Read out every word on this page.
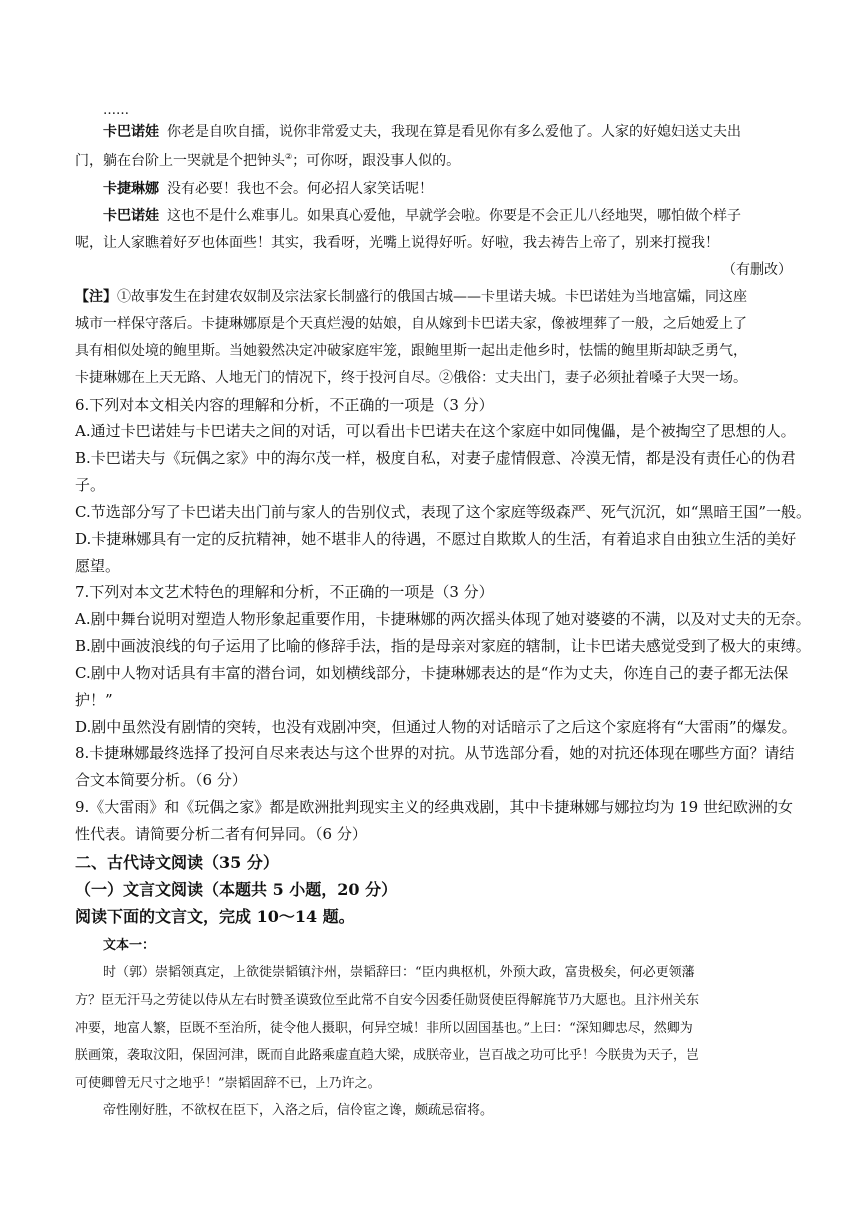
……
卡巴诺娃 你老是自吹自擂，说你非常爱丈夫，我现在算是看见你有多么爱他了。人家的好媳妇送丈夫出
门，躺在台阶上一哭就是个把钟头②；可你呀，跟没事人似的。
卡捷琳娜 没有必要！我也不会。何必招人家笑话呢！
卡巴诺娃 这也不是什么难事儿。如果真心爱他，早就学会啦。你要是不会正儿八经地哭，哪怕做个样子
呢，让人家瞧着好歹也体面些！其实，我看呀，光嘴上说得好听。好啦，我去祷告上帝了，别来打搅我！
（有删改）
【注】①故事发生在封建农奴制及宗法家长制盛行的俄国古城——卡里诺夫城。卡巴诺娃为当地富孀，同这座
城市一样保守落后。卡捷琳娜原是个天真烂漫的姑娘，自从嫁到卡巴诺夫家，像被埋葬了一般，之后她爱上了
具有相似处境的鲍里斯。当她毅然决定冲破家庭牢笼，跟鲍里斯一起出走他乡时，怯懦的鲍里斯却缺乏勇气，
卡捷琳娜在上天无路、人地无门的情况下，终于投河自尽。②俄俗：丈夫出门，妻子必须扯着嗓子大哭一场。
6.下列对本文相关内容的理解和分析，不正确的一项是（3 分）
A.通过卡巴诺娃与卡巴诺夫之间的对话，可以看出卡巴诺夫在这个家庭中如同傀儡，是个被掏空了思想的人。
B.卡巴诺夫与《玩偶之家》中的海尔茂一样，极度自私，对妻子虚情假意、冷漠无情，都是没有责任心的伪君
子。
C.节选部分写了卡巴诺夫出门前与家人的告别仪式，表现了这个家庭等级森严、死气沉沉，如“黑暗王国”一般。
D.卡捷琳娜具有一定的反抗精神，她不堪非人的待遇，不愿过自欺欺人的生活，有着追求自由独立生活的美好
愿望。
7.下列对本文艺术特色的理解和分析，不正确的一项是（3 分）
A.剧中舞台说明对塑造人物形象起重要作用，卡捷琳娜的两次摇头体现了她对婆婆的不满，以及对丈夫的无奈。
B.剧中画波浪线的句子运用了比喻的修辞手法，指的是母亲对家庭的辖制，让卡巴诺夫感觉受到了极大的束缚。
C.剧中人物对话具有丰富的潜台词，如划横线部分，卡捷琳娜表达的是“作为丈夫，你连自己的妻子都无法保
护！”
D.剧中虽然没有剧情的突转，也没有戏剧冲突，但通过人物的对话暗示了之后这个家庭将有“大雷雨”的爆发。
8.卡捷琳娜最终选择了投河自尽来表达与这个世界的对抗。从节选部分看，她的对抗还体现在哪些方面？请结
合文本简要分析。（6 分）
9.《大雷雨》和《玩偶之家》都是欧洲批判现实主义的经典戏剧，其中卡捷琳娜与娜拉均为 19 世纪欧洲的女
性代表。请简要分析二者有何异同。（6 分）
二、古代诗文阅读（35 分）
（一）文言文阅读（本题共 5 小题，20 分）
阅读下面的文言文，完成 10～14 题。
文本一：
时（郭）崇韬领真定，上欲徙崇韬镇汴州，崇韬辞曰：“臣内典枢机，外预大政，富贵极矣，何必更领藩
方？臣无汗马之劳徒以侍从左右时赞圣谟致位至此常不自安今因委任勋贤使臣得解旄节乃大愿也。且汴州关东
冲要，地富人繁，臣既不至治所，徒令他人摄职，何异空城！非所以固国基也。”上曰：“深知卿忠尽，然卿为
朕画策，袭取汶阳，保固河津，既而自此路乘虚直趋大梁，成朕帝业，岂百战之功可比乎！今朕贵为天子，岂
可使卿曾无尺寸之地乎！”崇韬固辞不已，上乃许之。
帝性刚好胜，不欲权在臣下，入洛之后，信伶宦之谗，颇疏忌宿将。
